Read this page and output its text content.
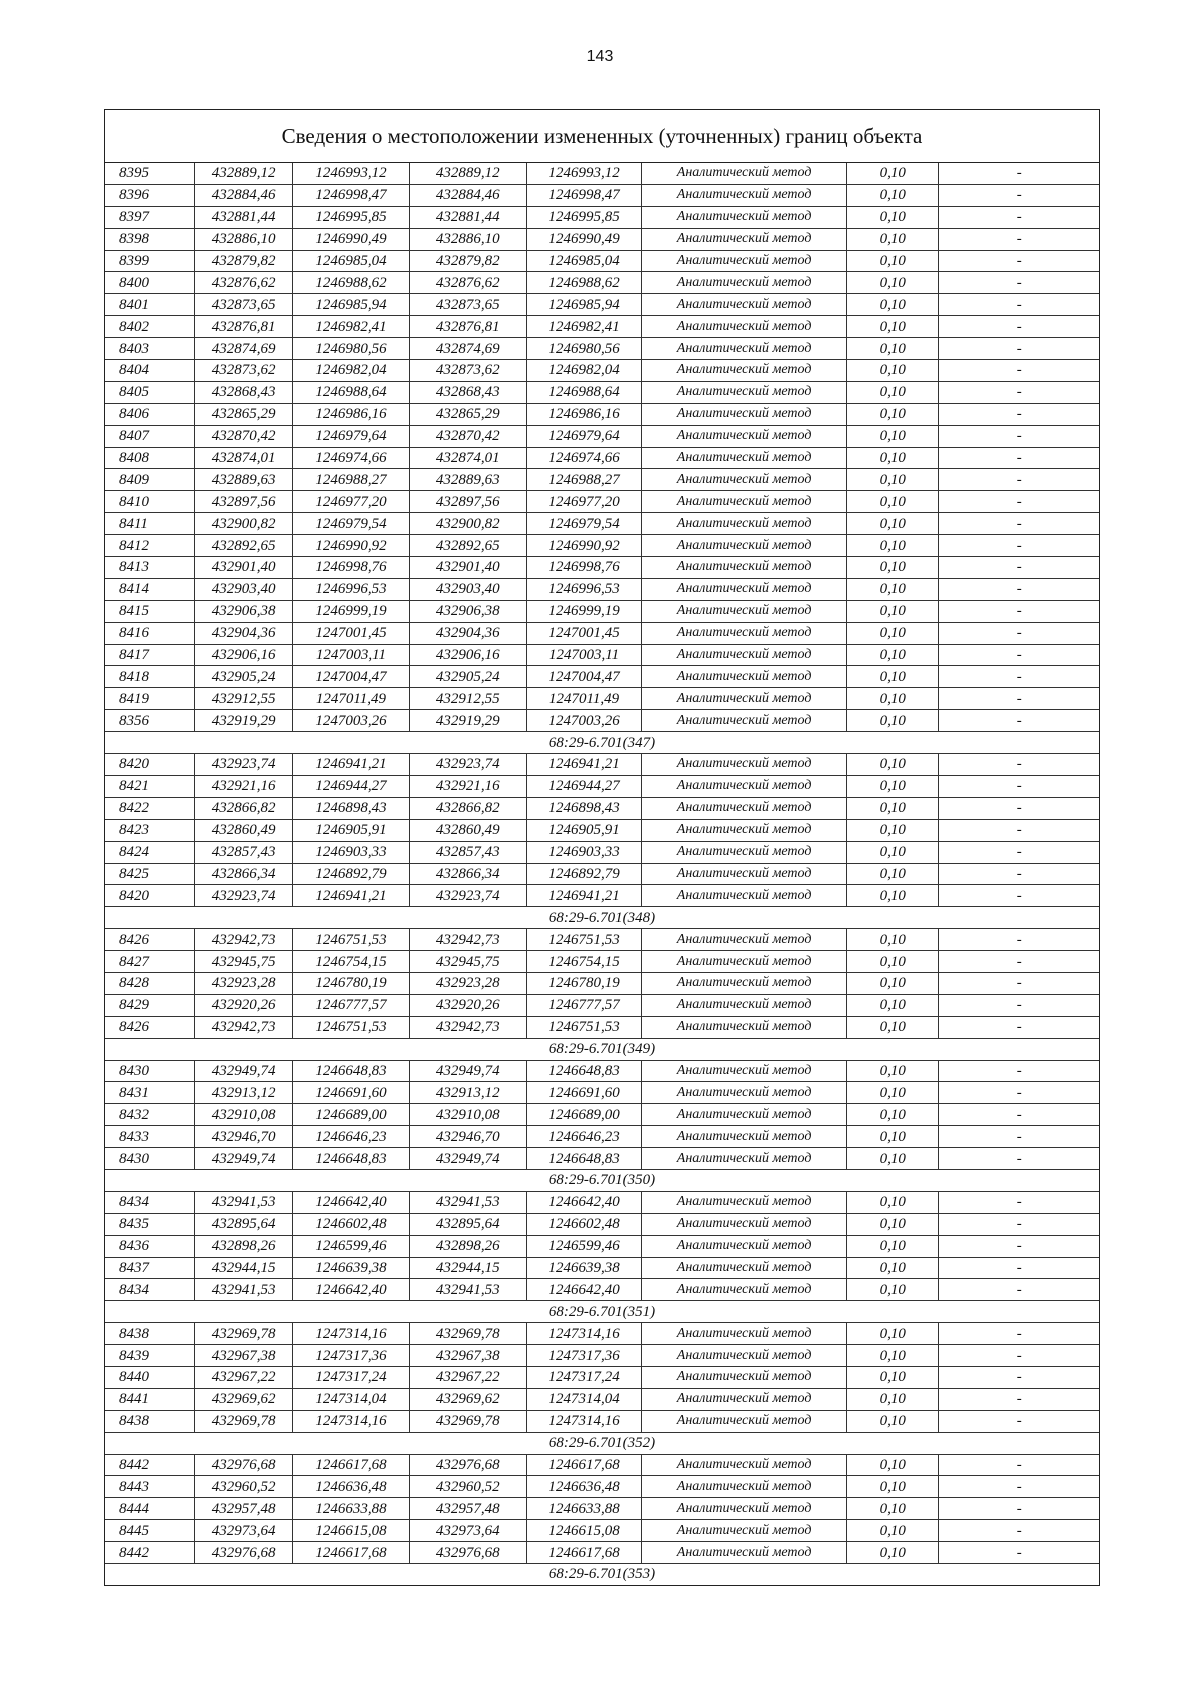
143
Сведения о местоположении измененных (уточненных) границ объекта
8395	432889,12	1246993,12	432889,12	1246993,12	Аналитический метод	0,10	-
8396	432884,46	1246998,47	432884,46	1246998,47	Аналитический метод	0,10	-
8397	432881,44	1246995,85	432881,44	1246995,85	Аналитический метод	0,10	-
8398	432886,10	1246990,49	432886,10	1246990,49	Аналитический метод	0,10	-
8399	432879,82	1246985,04	432879,82	1246985,04	Аналитический метод	0,10	-
8400	432876,62	1246988,62	432876,62	1246988,62	Аналитический метод	0,10	-
8401	432873,65	1246985,94	432873,65	1246985,94	Аналитический метод	0,10	-
8402	432876,81	1246982,41	432876,81	1246982,41	Аналитический метод	0,10	-
8403	432874,69	1246980,56	432874,69	1246980,56	Аналитический метод	0,10	-
8404	432873,62	1246982,04	432873,62	1246982,04	Аналитический метод	0,10	-
8405	432868,43	1246988,64	432868,43	1246988,64	Аналитический метод	0,10	-
8406	432865,29	1246986,16	432865,29	1246986,16	Аналитический метод	0,10	-
8407	432870,42	1246979,64	432870,42	1246979,64	Аналитический метод	0,10	-
8408	432874,01	1246974,66	432874,01	1246974,66	Аналитический метод	0,10	-
8409	432889,63	1246988,27	432889,63	1246988,27	Аналитический метод	0,10	-
8410	432897,56	1246977,20	432897,56	1246977,20	Аналитический метод	0,10	-
8411	432900,82	1246979,54	432900,82	1246979,54	Аналитический метод	0,10	-
8412	432892,65	1246990,92	432892,65	1246990,92	Аналитический метод	0,10	-
8413	432901,40	1246998,76	432901,40	1246998,76	Аналитический метод	0,10	-
8414	432903,40	1246996,53	432903,40	1246996,53	Аналитический метод	0,10	-
8415	432906,38	1246999,19	432906,38	1246999,19	Аналитический метод	0,10	-
8416	432904,36	1247001,45	432904,36	1247001,45	Аналитический метод	0,10	-
8417	432906,16	1247003,11	432906,16	1247003,11	Аналитический метод	0,10	-
8418	432905,24	1247004,47	432905,24	1247004,47	Аналитический метод	0,10	-
8419	432912,55	1247011,49	432912,55	1247011,49	Аналитический метод	0,10	-
8356	432919,29	1247003,26	432919,29	1247003,26	Аналитический метод	0,10	-
68:29-6.701(347)							
8420	432923,74	1246941,21	432923,74	1246941,21	Аналитический метод	0,10	-
8421	432921,16	1246944,27	432921,16	1246944,27	Аналитический метод	0,10	-
8422	432866,82	1246898,43	432866,82	1246898,43	Аналитический метод	0,10	-
8423	432860,49	1246905,91	432860,49	1246905,91	Аналитический метод	0,10	-
8424	432857,43	1246903,33	432857,43	1246903,33	Аналитический метод	0,10	-
8425	432866,34	1246892,79	432866,34	1246892,79	Аналитический метод	0,10	-
8420	432923,74	1246941,21	432923,74	1246941,21	Аналитический метод	0,10	-
68:29-6.701(348)							
8426	432942,73	1246751,53	432942,73	1246751,53	Аналитический метод	0,10	-
8427	432945,75	1246754,15	432945,75	1246754,15	Аналитический метод	0,10	-
8428	432923,28	1246780,19	432923,28	1246780,19	Аналитический метод	0,10	-
8429	432920,26	1246777,57	432920,26	1246777,57	Аналитический метод	0,10	-
8426	432942,73	1246751,53	432942,73	1246751,53	Аналитический метод	0,10	-
68:29-6.701(349)							
8430	432949,74	1246648,83	432949,74	1246648,83	Аналитический метод	0,10	-
8431	432913,12	1246691,60	432913,12	1246691,60	Аналитический метод	0,10	-
8432	432910,08	1246689,00	432910,08	1246689,00	Аналитический метод	0,10	-
8433	432946,70	1246646,23	432946,70	1246646,23	Аналитический метод	0,10	-
8430	432949,74	1246648,83	432949,74	1246648,83	Аналитический метод	0,10	-
68:29-6.701(350)							
8434	432941,53	1246642,40	432941,53	1246642,40	Аналитический метод	0,10	-
8435	432895,64	1246602,48	432895,64	1246602,48	Аналитический метод	0,10	-
8436	432898,26	1246599,46	432898,26	1246599,46	Аналитический метод	0,10	-
8437	432944,15	1246639,38	432944,15	1246639,38	Аналитический метод	0,10	-
8434	432941,53	1246642,40	432941,53	1246642,40	Аналитический метод	0,10	-
68:29-6.701(351)							
8438	432969,78	1247314,16	432969,78	1247314,16	Аналитический метод	0,10	-
8439	432967,38	1247317,36	432967,38	1247317,36	Аналитический метод	0,10	-
8440	432967,22	1247317,24	432967,22	1247317,24	Аналитический метод	0,10	-
8441	432969,62	1247314,04	432969,62	1247314,04	Аналитический метод	0,10	-
8438	432969,78	1247314,16	432969,78	1247314,16	Аналитический метод	0,10	-
68:29-6.701(352)							
8442	432976,68	1246617,68	432976,68	1246617,68	Аналитический метод	0,10	-
8443	432960,52	1246636,48	432960,52	1246636,48	Аналитический метод	0,10	-
8444	432957,48	1246633,88	432957,48	1246633,88	Аналитический метод	0,10	-
8445	432973,64	1246615,08	432973,64	1246615,08	Аналитический метод	0,10	-
8442	432976,68	1246617,68	432976,68	1246617,68	Аналитический метод	0,10	-
68:29-6.701(353)							
